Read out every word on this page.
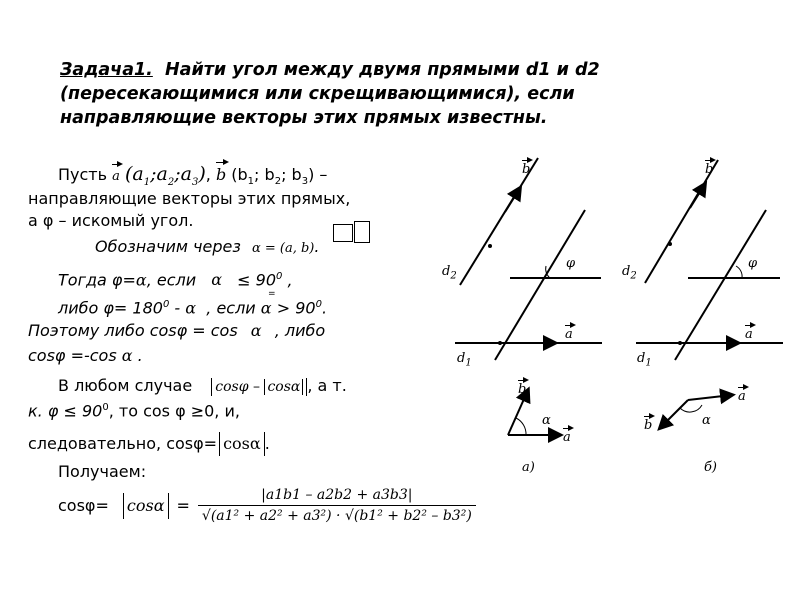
Задача1. Найти угол между двумя прямыми d1 и d2
(пересекающимися или скрещивающимися), если
направляющие векторы этих прямых известны.
Пусть a $(a_1;a_2;a_3)$, b ($b_1$; $b_2$; $b_3$) –
направляющие векторы этих прямых,
а φ – искомый угол.
Обозначим через α = (a, b).
Тогда φ=α, если $\alpha \le 90^0$ ,
либо $\varphi= 180^0 - \alpha$ , если $\alpha > 90^0$.
=
Поэтому либо cosφ = cos α , либо
cosφ =-cos α .
В любом случае cosφ – cosα , а т.
к. $\varphi \le 90^0$, то cos φ ≥0, и,
следовательно, cosφ= cosα .
Получаем:
$\cos\varphi= \cos\alpha = \frac{|a1b1 - a2b2 + a3b3|}{\text{√(a1² + a2² + a3²) · √(b1² + b2² – b3²)}}$
b
$d_2$
φ
a
$d_1$
b
α
a
а)
b
$d_2$
φ
a
$d_1$
a
α
b
б)
